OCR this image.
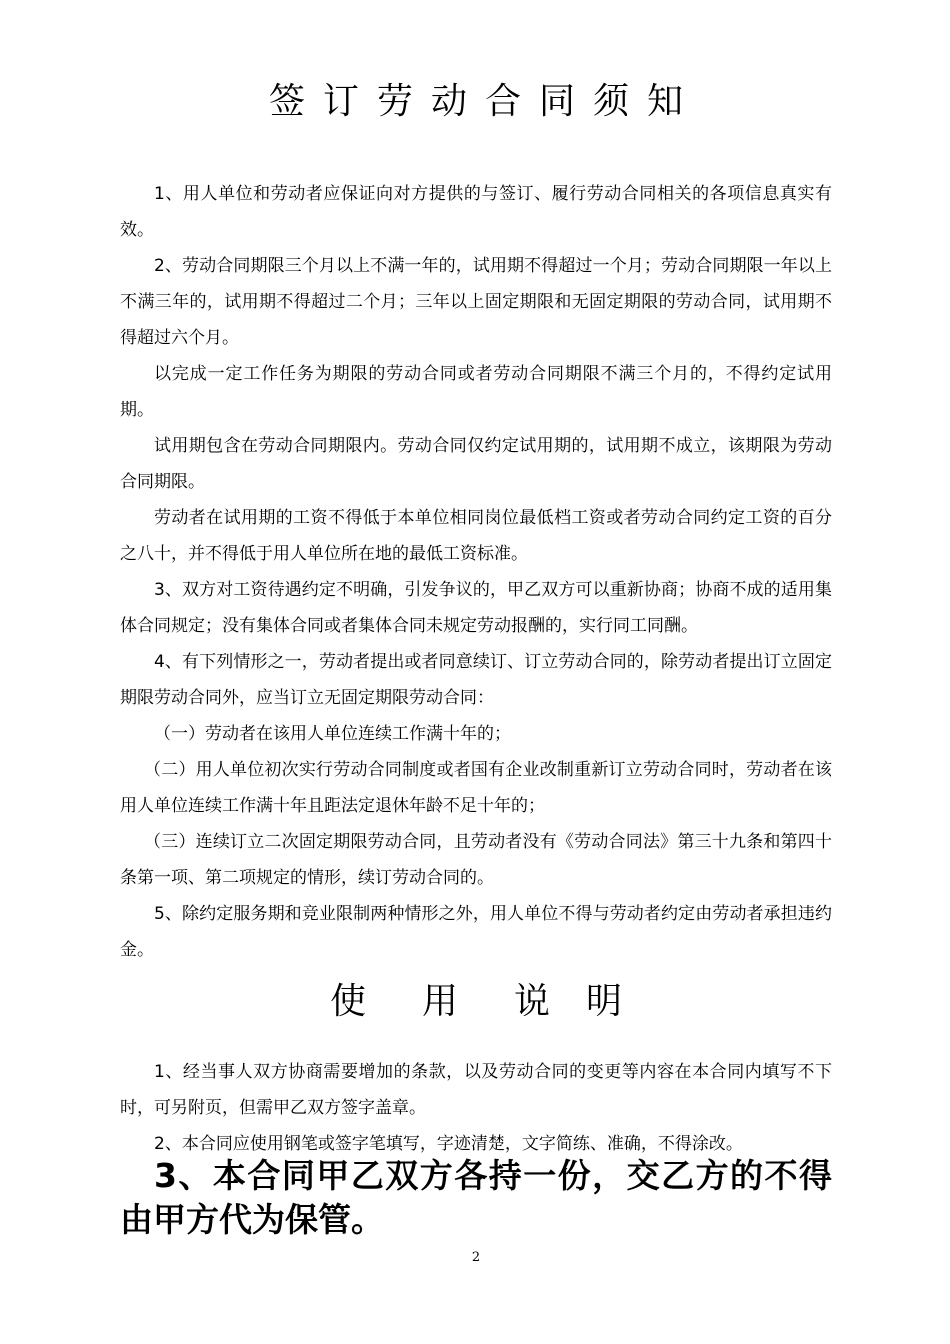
签订劳动合同须知

1、用人单位和劳动者应保证向对方提供的与签订、履行劳动合同相关的各项信息真实有效。

2、劳动合同期限三个月以上不满一年的，试用期不得超过一个月；劳动合同期限一年以上不满三年的，试用期不得超过二个月；三年以上固定期限和无固定期限的劳动合同，试用期不得超过六个月。

以完成一定工作任务为期限的劳动合同或者劳动合同期限不满三个月的，不得约定试用期。

试用期包含在劳动合同期限内。劳动合同仅约定试用期的，试用期不成立，该期限为劳动合同期限。

劳动者在试用期的工资不得低于本单位相同岗位最低档工资或者劳动合同约定工资的百分之八十，并不得低于用人单位所在地的最低工资标准。

3、双方对工资待遇约定不明确，引发争议的，甲乙双方可以重新协商；协商不成的适用集体合同规定；没有集体合同或者集体合同未规定劳动报酬的，实行同工同酬。

4、有下列情形之一，劳动者提出或者同意续订、订立劳动合同的，除劳动者提出订立固定期限劳动合同外，应当订立无固定期限劳动合同：

（一）劳动者在该用人单位连续工作满十年的；

（二）用人单位初次实行劳动合同制度或者国有企业改制重新订立劳动合同时，劳动者在该用人单位连续工作满十年且距法定退休年龄不足十年的；

（三）连续订立二次固定期限劳动合同，且劳动者没有《劳动合同法》第三十九条和第四十条第一项、第二项规定的情形，续订劳动合同的。

5、除约定服务期和竞业限制两种情形之外，用人单位不得与劳动者约定由劳动者承担违约金。

使 用 说明

1、经当事人双方协商需要增加的条款，以及劳动合同的变更等内容在本合同内填写不下时，可另附页，但需甲乙双方签字盖章。

2、本合同应使用钢笔或签字笔填写，字迹清楚，文字简练、准确，不得涂改。

3、本合同甲乙双方各持一份，交乙方的不得由甲方代为保管。

2
